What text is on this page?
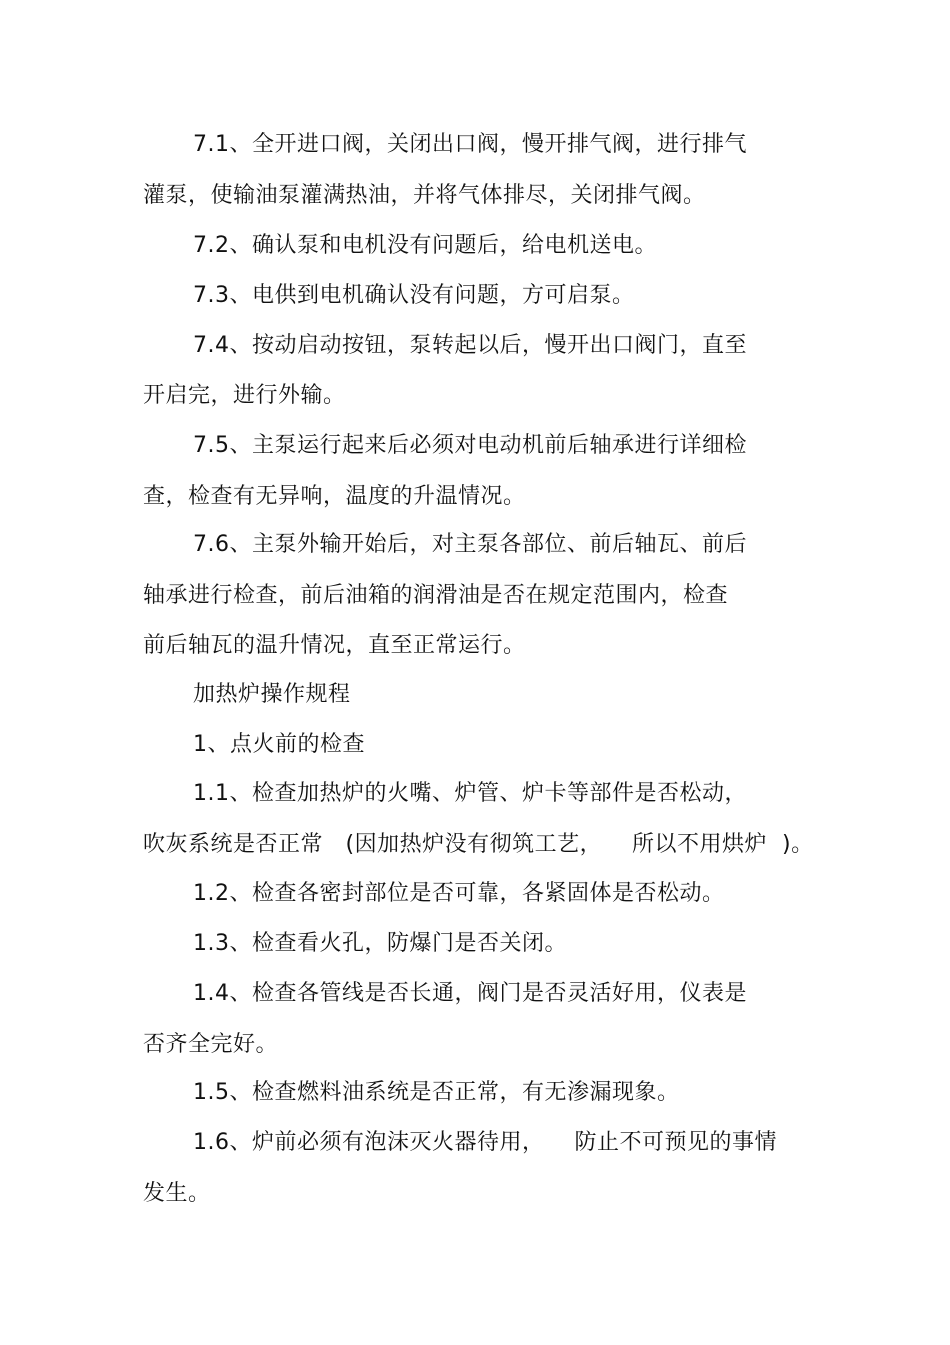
7.1、全开进口阀，关闭出口阀，慢开排气阀，进行排气
灌泵，使输油泵灌满热油，并将气体排尽，关闭排气阀。
7.2、确认泵和电机没有问题后，给电机送电。
7.3、电供到电机确认没有问题，方可启泵。
7.4、按动启动按钮，泵转起以后，慢开出口阀门，直至
开启完，进行外输。
7.5、主泵运行起来后必须对电动机前后轴承进行详细检
查，检查有无异响，温度的升温情况。
7.6、主泵外输开始后，对主泵各部位、前后轴瓦、前后
轴承进行检查，前后油箱的润滑油是否在规定范围内，检查
前后轴瓦的温升情况，直至正常运行。
加热炉操作规程
1、点火前的检查
1.1、检查加热炉的火嘴、炉管、炉卡等部件是否松动，
吹灰系统是否正常   (因加热炉没有彻筑工艺，    所以不用烘炉  )。
1.2、检查各密封部位是否可靠，各紧固体是否松动。
1.3、检查看火孔，防爆门是否关闭。
1.4、检查各管线是否长通，阀门是否灵活好用，仪表是
否齐全完好。
1.5、检查燃料油系统是否正常，有无渗漏现象。
1.6、炉前必须有泡沫灭火器待用，    防止不可预见的事情
发生。
